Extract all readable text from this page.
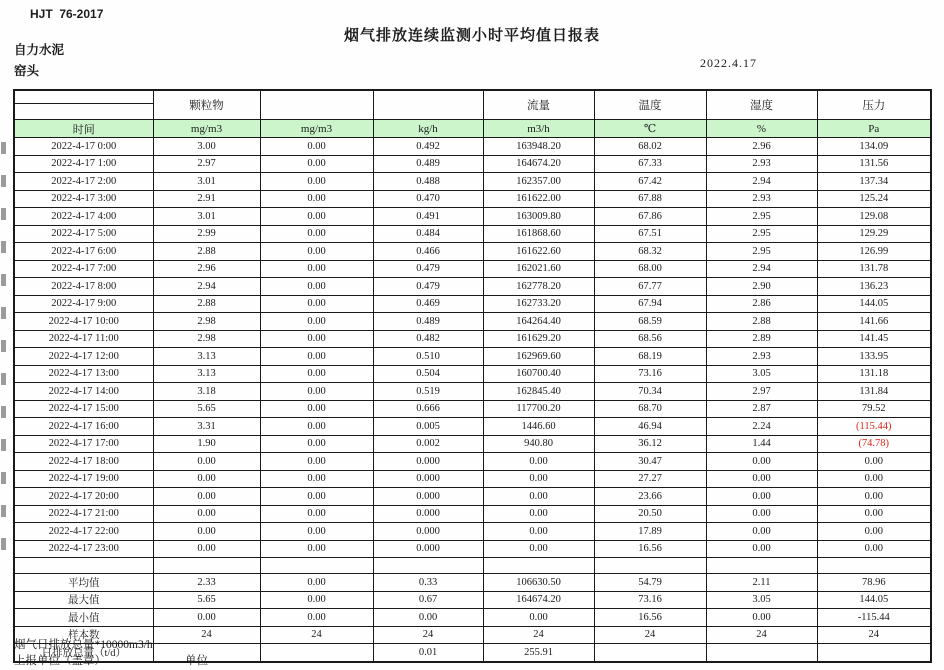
HJT  76-2017
烟气排放连续监测小时平均值日报表
自力水泥
窑头
2022.4.17
	颗粒物			流量	温度	湿度	压力
时间	mg/m3	mg/m3	kg/h	m3/h	℃	%	Pa
2022-4-17 0:00	3.00	0.00	0.492	163948.20	68.02	2.96	134.09
2022-4-17 1:00	2.97	0.00	0.489	164674.20	67.33	2.93	131.56
2022-4-17 2:00	3.01	0.00	0.488	162357.00	67.42	2.94	137.34
2022-4-17 3:00	2.91	0.00	0.470	161622.00	67.88	2.93	125.24
2022-4-17 4:00	3.01	0.00	0.491	163009.80	67.86	2.95	129.08
2022-4-17 5:00	2.99	0.00	0.484	161868.60	67.51	2.95	129.29
2022-4-17 6:00	2.88	0.00	0.466	161622.60	68.32	2.95	126.99
2022-4-17 7:00	2.96	0.00	0.479	162021.60	68.00	2.94	131.78
2022-4-17 8:00	2.94	0.00	0.479	162778.20	67.77	2.90	136.23
2022-4-17 9:00	2.88	0.00	0.469	162733.20	67.94	2.86	144.05
2022-4-17 10:00	2.98	0.00	0.489	164264.40	68.59	2.88	141.66
2022-4-17 11:00	2.98	0.00	0.482	161629.20	68.56	2.89	141.45
2022-4-17 12:00	3.13	0.00	0.510	162969.60	68.19	2.93	133.95
2022-4-17 13:00	3.13	0.00	0.504	160700.40	73.16	3.05	131.18
2022-4-17 14:00	3.18	0.00	0.519	162845.40	70.34	2.97	131.84
2022-4-17 15:00	5.65	0.00	0.666	117700.20	68.70	2.87	79.52
2022-4-17 16:00	3.31	0.00	0.005	1446.60	46.94	2.24	(115.44)
2022-4-17 17:00	1.90	0.00	0.002	940.80	36.12	1.44	(74.78)
2022-4-17 18:00	0.00	0.00	0.000	0.00	30.47	0.00	0.00
2022-4-17 19:00	0.00	0.00	0.000	0.00	27.27	0.00	0.00
2022-4-17 20:00	0.00	0.00	0.000	0.00	23.66	0.00	0.00
2022-4-17 21:00	0.00	0.00	0.000	0.00	20.50	0.00	0.00
2022-4-17 22:00	0.00	0.00	0.000	0.00	17.89	0.00	0.00
2022-4-17 23:00	0.00	0.00	0.000	0.00	16.56	0.00	0.00

平均值	2.33	0.00	0.33	106630.50	54.79	2.11	78.96
最大值	5.65	0.00	0.67	164674.20	73.16	3.05	144.05
最小值	0.00	0.00	0.00	0.00	16.56	0.00	-115.44
样本数	24	24	24	24	24	24	24
日排放总量（t/d）			0.01	255.91			
烟气日排放总量*10000m3/h
上报单位（盖章）	单位
